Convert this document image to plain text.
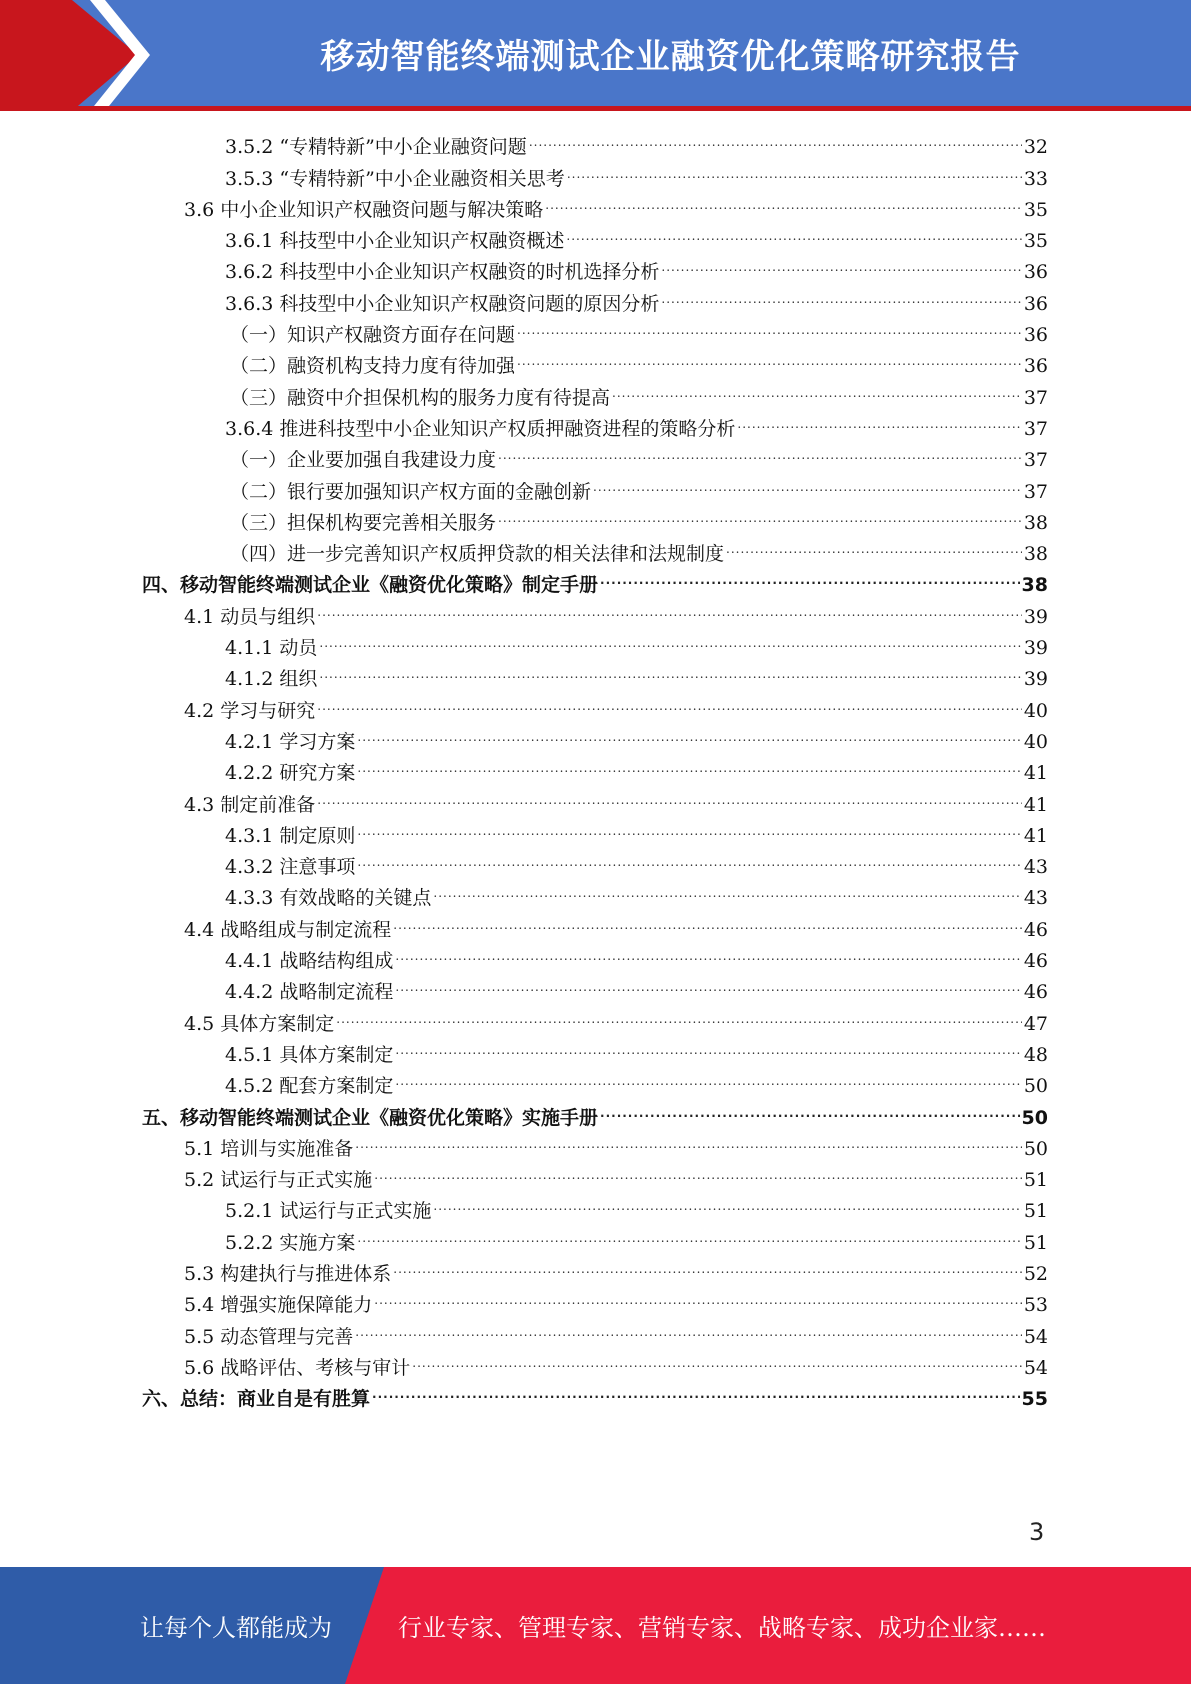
移动智能终端测试企业融资优化策略研究报告
3.5.2 “专精特新”中小企业融资问题 .....	32
3.5.3 “专精特新”中小企业融资相关思考 .....	33
3.6 中小企业知识产权融资问题与解决策略 .....	35
3.6.1 科技型中小企业知识产权融资概述 .....	35
3.6.2 科技型中小企业知识产权融资的时机选择分析 .....	36
3.6.3 科技型中小企业知识产权融资问题的原因分析 .....	36
（一）知识产权融资方面存在问题 .....	36
（二）融资机构支持力度有待加强 .....	36
（三）融资中介担保机构的服务力度有待提高 .....	37
3.6.4 推进科技型中小企业知识产权质押融资进程的策略分析 .....	37
（一）企业要加强自我建设力度 .....	37
（二）银行要加强知识产权方面的金融创新 .....	37
（三）担保机构要完善相关服务 .....	38
（四）进一步完善知识产权质押贷款的相关法律和法规制度 .....	38
四、移动智能终端测试企业《融资优化策略》制定手册 .....	38
4.1 动员与组织 .....	39
4.1.1 动员 .....	39
4.1.2 组织 .....	39
4.2 学习与研究 .....	40
4.2.1 学习方案 .....	40
4.2.2 研究方案 .....	41
4.3 制定前准备 .....	41
4.3.1 制定原则 .....	41
4.3.2 注意事项 .....	43
4.3.3 有效战略的关键点 .....	43
4.4 战略组成与制定流程 .....	46
4.4.1 战略结构组成 .....	46
4.4.2 战略制定流程 .....	46
4.5 具体方案制定 .....	47
4.5.1 具体方案制定 .....	48
4.5.2 配套方案制定 .....	50
五、移动智能终端测试企业《融资优化策略》实施手册 .....	50
5.1 培训与实施准备 .....	50
5.2 试运行与正式实施 .....	51
5.2.1 试运行与正式实施 .....	51
5.2.2 实施方案 .....	51
5.3 构建执行与推进体系 .....	52
5.4 增强实施保障能力 .....	53
5.5 动态管理与完善 .....	54
5.6 战略评估、考核与审计 .....	54
六、总结：商业自是有胜算 .....	55
3
让每个人都能成为	行业专家、管理专家、营销专家、战略专家、成功企业家……
